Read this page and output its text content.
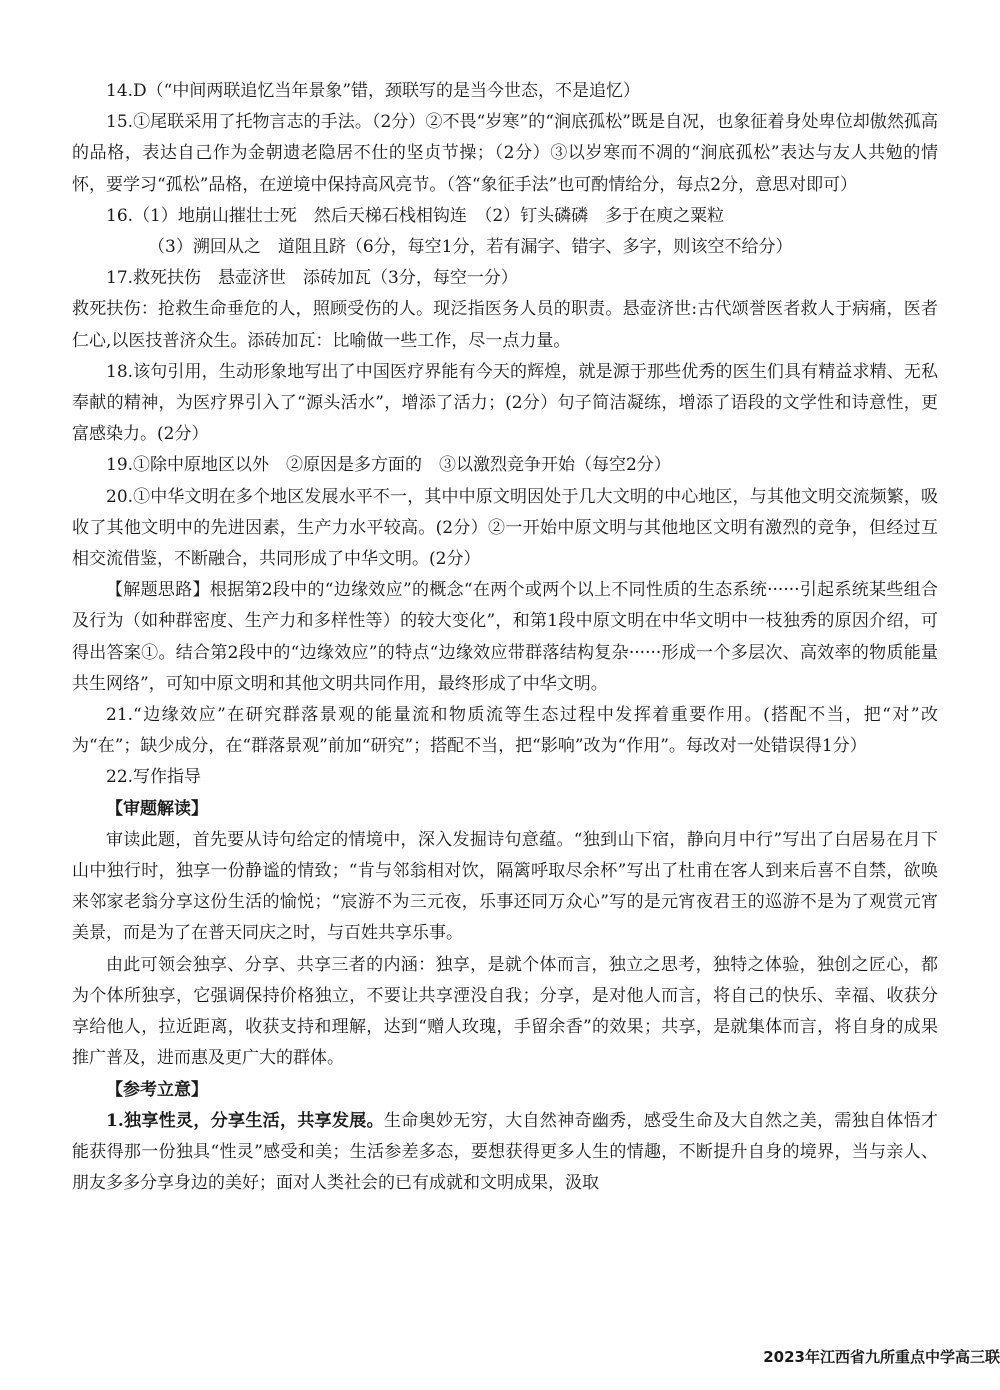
14.D（“中间两联追忆当年景象”错，颈联写的是当今世态，不是追忆）

15.①尾联采用了托物言志的手法。（2分）②不畏“岁寒”的“涧底孤松”既是自况，也象征着身处卑位却傲然孤高的品格，表达自己作为金朝遗老隐居不仕的坚贞节操；（2分）③以岁寒而不凋的“涧底孤松”表达与友人共勉的情怀，要学习“孤松”品格，在逆境中保持高风亮节。（答“象征手法”也可酌情给分，每点2分，意思对即可）

16.（1）地崩山摧壮士死　然后天梯石栈相钩连　（2）钉头磷磷　多于在庾之粟粒

（3）溯回从之　道阻且跻（6分，每空1分，若有漏字、错字、多字，则该空不给分）

17.救死扶伤　悬壶济世　添砖加瓦（3分，每空一分）

救死扶伤：抢救生命垂危的人，照顾受伤的人。现泛指医务人员的职责。悬壶济世:古代颂誉医者救人于病痛，医者仁心,以医技普济众生。添砖加瓦：比喻做一些工作，尽一点力量。

18.该句引用，生动形象地写出了中国医疗界能有今天的辉煌，就是源于那些优秀的医生们具有精益求精、无私奉献的精神，为医疗界引入了“源头活水”，增添了活力；(2分）句子简洁凝练，增添了语段的文学性和诗意性，更富感染力。(2分）

19.①除中原地区以外　②原因是多方面的　③以激烈竞争开始（每空2分）

20.①中华文明在多个地区发展水平不一，其中中原文明因处于几大文明的中心地区，与其他文明交流频繁，吸收了其他文明中的先进因素，生产力水平较高。(2分）②一开始中原文明与其他地区文明有激烈的竞争，但经过互相交流借鉴，不断融合，共同形成了中华文明。(2分）

【解题思路】根据第2段中的“边缘效应”的概念“在两个或两个以上不同性质的生态系统······引起系统某些组合及行为（如种群密度、生产力和多样性等）的较大变化”，和第1段中原文明在中华文明中一枝独秀的原因介绍，可得出答案①。结合第2段中的“边缘效应”的特点“边缘效应带群落结构复杂······形成一个多层次、高效率的物质能量共生网络”，可知中原文明和其他文明共同作用，最终形成了中华文明。

21.“边缘效应”在研究群落景观的能量流和物质流等生态过程中发挥着重要作用。(搭配不当，把“对”改为“在”；缺少成分，在“群落景观”前加“研究”；搭配不当，把“影响”改为“作用”。每改对一处错误得1分）

22.写作指导

【审题解读】

审读此题，首先要从诗句给定的情境中，深入发掘诗句意蕴。“独到山下宿，静向月中行”写出了白居易在月下山中独行时，独享一份静谧的情致；“肯与邻翁相对饮，隔篱呼取尽余杯”写出了杜甫在客人到来后喜不自禁，欲唤来邻家老翁分享这份生活的愉悦；“宸游不为三元夜，乐事还同万众心”写的是元宵夜君王的巡游不是为了观赏元宵美景，而是为了在普天同庆之时，与百姓共享乐事。

由此可领会独享、分享、共享三者的内涵：独享，是就个体而言，独立之思考，独特之体验，独创之匠心，都为个体所独享，它强调保持价格独立，不要让共享湮没自我；分享，是对他人而言，将自己的快乐、幸福、收获分享给他人，拉近距离，收获支持和理解，达到“赠人玫瑰，手留余香”的效果；共享，是就集体而言，将自身的成果推广普及，进而惠及更广大的群体。

【参考立意】

1.独享性灵，分享生活，共享发展。生命奥妙无穷，大自然神奇幽秀，感受生命及大自然之美，需独自体悟才能获得那一份独具“性灵”感受和美；生活参差多态，要想获得更多人生的情趣，不断提升自身的境界，当与亲人、朋友多多分享身边的美好；面对人类社会的已有成就和文明成果，汲取

2023年江西省九所重点中学高三联
